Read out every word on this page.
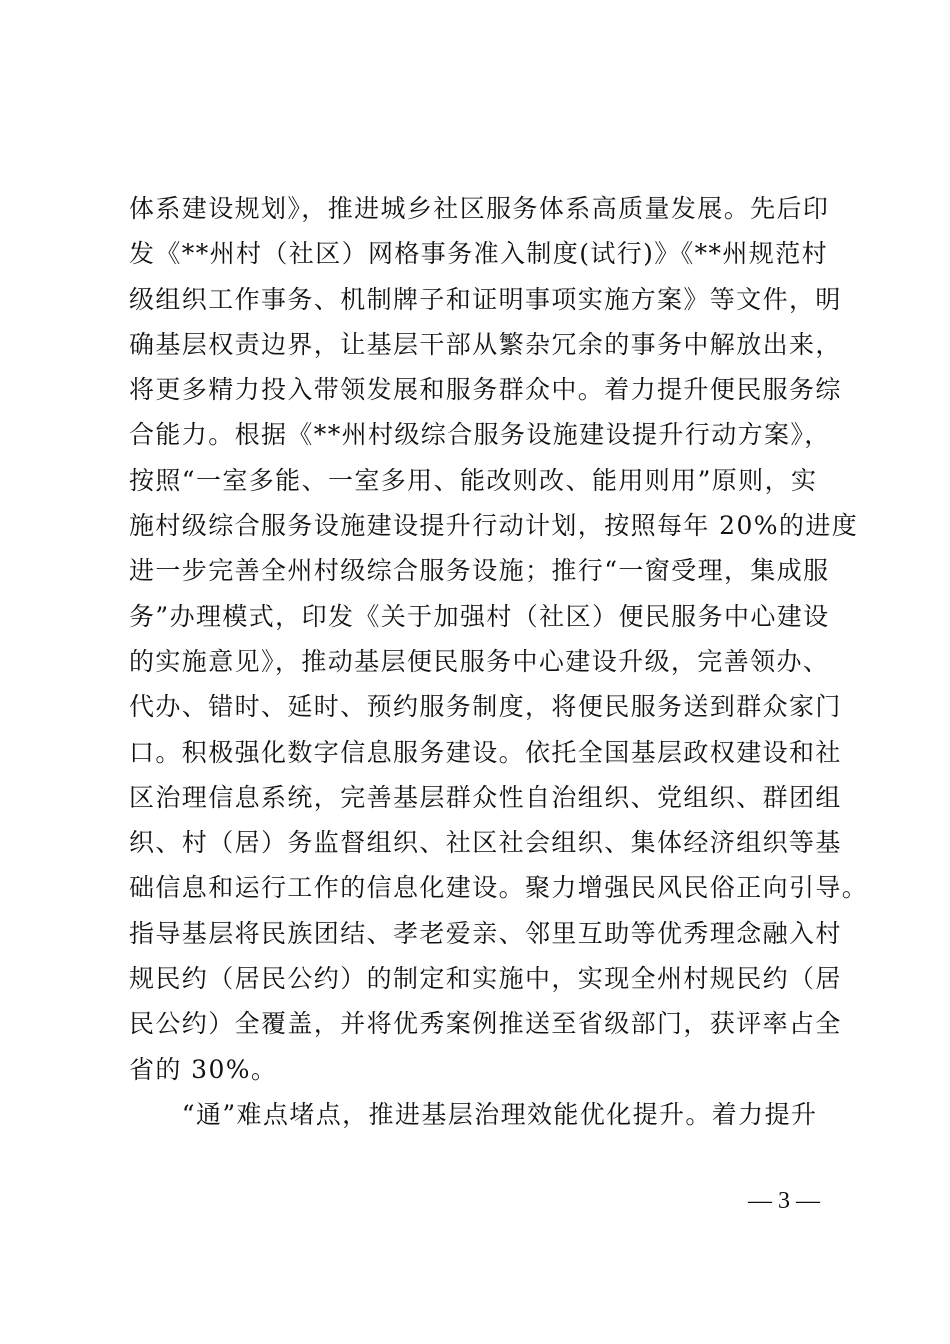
体系建设规划》，推进城乡社区服务体系高质量发展。先后印
发《**州村（社区）网格事务准入制度(试行)》《**州规范村
级组织工作事务、机制牌子和证明事项实施方案》等文件，明
确基层权责边界，让基层干部从繁杂冗余的事务中解放出来，
将更多精力投入带领发展和服务群众中。着力提升便民服务综
合能力。根据《**州村级综合服务设施建设提升行动方案》，
按照“一室多能、一室多用、能改则改、能用则用”原则，实
施村级综合服务设施建设提升行动计划，按照每年 20%的进度
进一步完善全州村级综合服务设施；推行“一窗受理，集成服
务”办理模式，印发《关于加强村（社区）便民服务中心建设
的实施意见》，推动基层便民服务中心建设升级，完善领办、
代办、错时、延时、预约服务制度，将便民服务送到群众家门
口。积极强化数字信息服务建设。依托全国基层政权建设和社
区治理信息系统，完善基层群众性自治组织、党组织、群团组
织、村（居）务监督组织、社区社会组织、集体经济组织等基
础信息和运行工作的信息化建设。聚力增强民风民俗正向引导。
指导基层将民族团结、孝老爱亲、邻里互助等优秀理念融入村
规民约（居民公约）的制定和实施中，实现全州村规民约（居
民公约）全覆盖，并将优秀案例推送至省级部门，获评率占全
省的 30%。
　　“通”难点堵点，推进基层治理效能优化提升。着力提升
— 3 —
